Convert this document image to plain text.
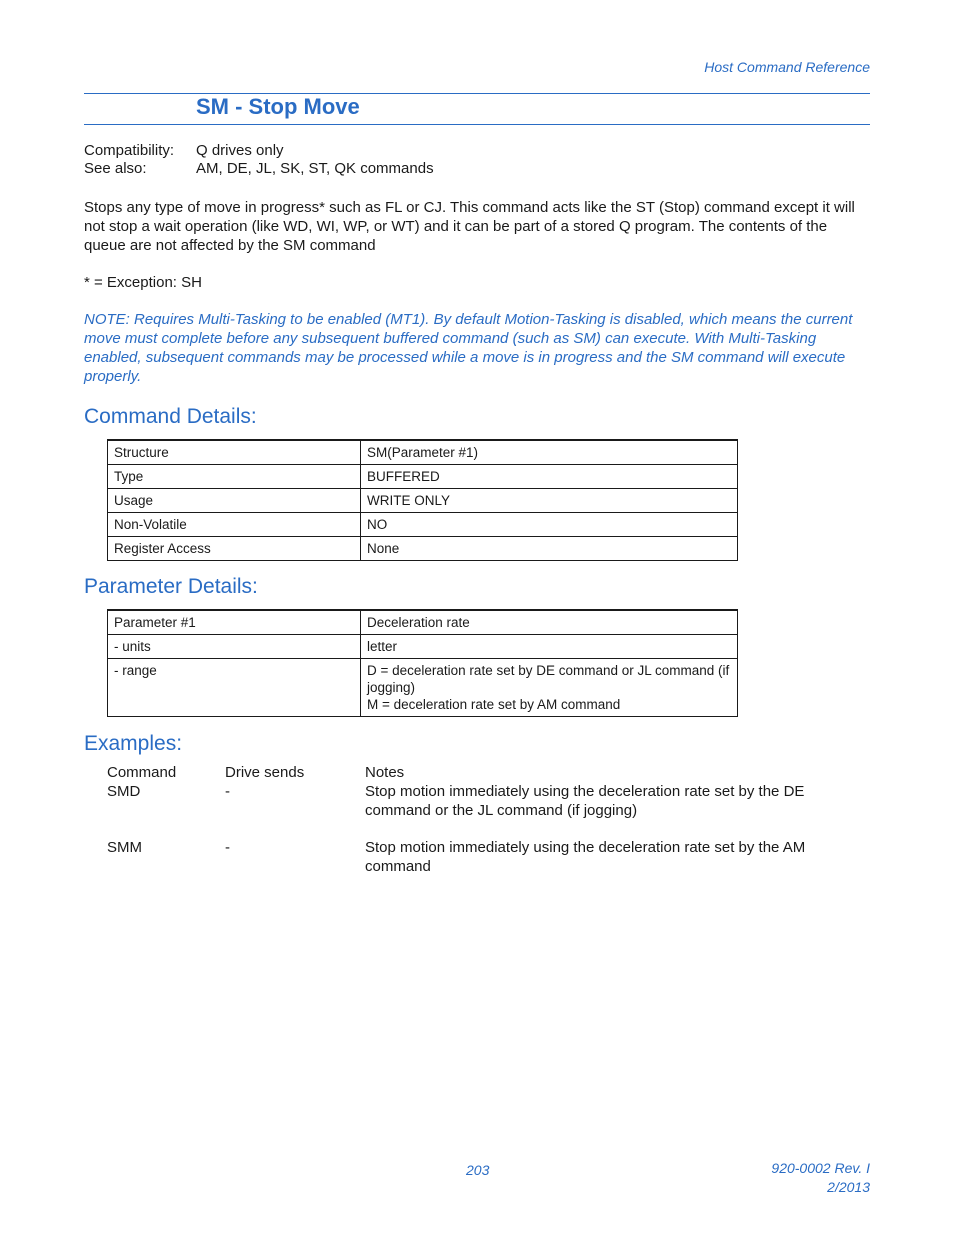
Host Command Reference
SM - Stop Move
Compatibility:	Q drives only
See also:	AM, DE, JL, SK, ST, QK commands
Stops any type of move in progress* such as FL or CJ. This command acts like the ST (Stop) command except it will not stop a wait operation (like WD, WI, WP, or WT) and it can be part of a stored Q program. The contents of the queue are not affected by the SM command
* = Exception: SH
NOTE: Requires Multi-Tasking to be enabled (MT1). By default Motion-Tasking is disabled, which means the current move must complete before any subsequent buffered command (such as SM) can execute. With Multi-Tasking enabled, subsequent commands may be processed while a move is in progress and the SM command will execute properly.
Command Details:
Structure	SM(Parameter #1)
Type	BUFFERED
Usage	WRITE ONLY
Non-Volatile	NO
Register Access	None
Parameter Details:
Parameter #1	Deceleration rate
- units	letter
- range	D = deceleration rate set by DE command or JL command (if jogging)
M = deceleration rate set by AM command
Examples:
Command	Drive sends	Notes
SMD	-	Stop motion immediately using the deceleration rate set by the DE command or the JL command (if jogging)
SMM	-	Stop motion immediately using the deceleration rate set by the AM command
203	920-0002 Rev. I
2/2013
